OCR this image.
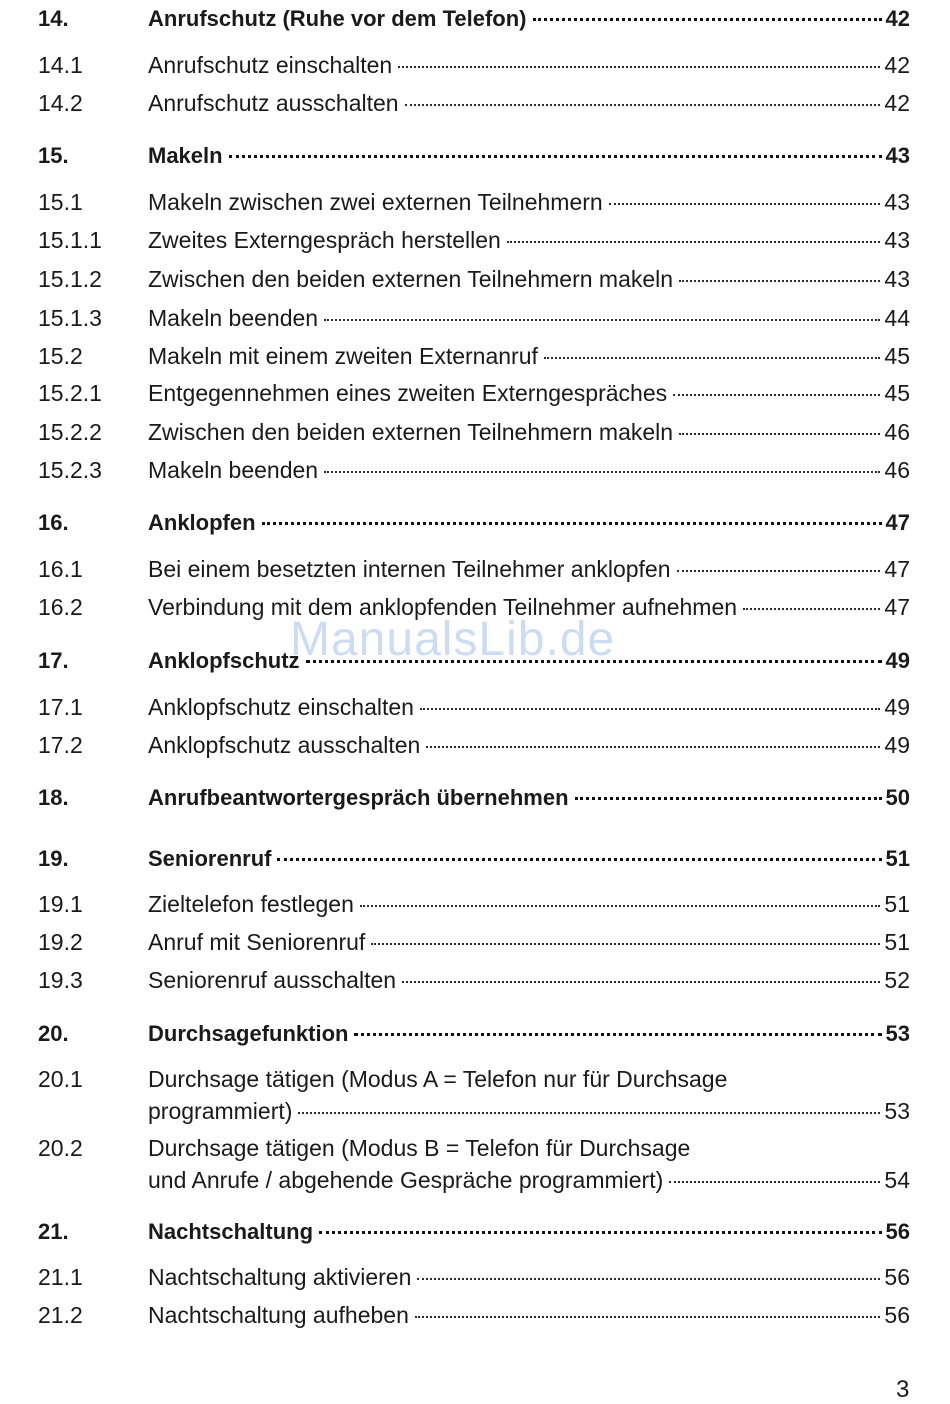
14.	Anrufschutz (Ruhe vor dem Telefon)	42
14.1	Anrufschutz einschalten	42
14.2	Anrufschutz ausschalten	42
15.	Makeln	43
15.1	Makeln zwischen zwei externen Teilnehmern	43
15.1.1 Zweites Externgespräch herstellen	43
15.1.2 Zwischen den beiden externen Teilnehmern makeln	43
15.1.3 Makeln beenden	44
15.2	Makeln mit einem zweiten Externanruf	45
15.2.1 Entgegennehmen eines zweiten Externgespräches	45
15.2.2 Zwischen den beiden externen Teilnehmern makeln	46
15.2.3 Makeln beenden	46
16.	Anklopfen	47
16.1	Bei einem besetzten internen Teilnehmer anklopfen	47
16.2	Verbindung mit dem anklopfenden Teilnehmer aufnehmen	47
17.	Anklopfschutz	49
17.1	Anklopfschutz einschalten	49
17.2	Anklopfschutz ausschalten	49
18.	Anrufbeantwortergespräch übernehmen	50
19.	Seniorenruf	51
19.1	Zieltelefon festlegen	51
19.2	Anruf mit Seniorenruf	51
19.3	Seniorenruf ausschalten	52
20.	Durchsagefunktion	53
20.1	Durchsage tätigen (Modus A = Telefon nur für Durchsage
programmiert)	53
20.2	Durchsage tätigen (Modus B = Telefon für Durchsage
und Anrufe / abgehende Gespräche programmiert)	54
21.	Nachtschaltung	56
21.1	Nachtschaltung aktivieren	56
21.2	Nachtschaltung aufheben	56
ManualsLib.de
3
